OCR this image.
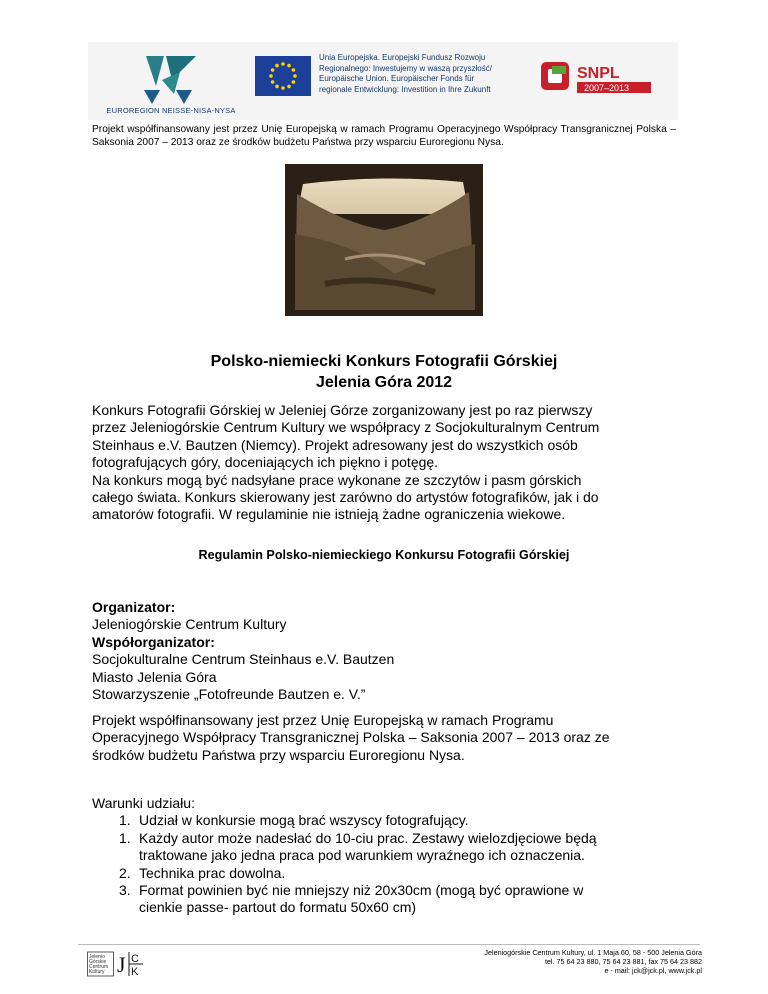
EUROREGION NEISSE-NISA-NYSA
Unia Europejska. Europejski Fundusz Rozwoju
Regionalnego: Inwestujemy w waszą przyszłość/
Europäische Union. Europäischer Fonds für
regionale Entwicklung: Investition in Ihre Zukunft
SNPL
2007–2013
Projekt współfinansowany jest przez Unię Europejską w ramach Programu Operacyjnego Współpracy Transgranicznej Polska – Saksonia 2007 – 2013 oraz ze środków budżetu Państwa przy wsparciu Euroregionu Nysa.
Polsko-niemiecki Konkurs Fotografii Górskiej
Jelenia Góra 2012
Konkurs Fotografii Górskiej w Jeleniej Górze zorganizowany jest po raz pierwszy
przez Jeleniogórskie Centrum Kultury we współpracy z Socjokulturalnym Centrum
Steinhaus e.V. Bautzen (Niemcy). Projekt adresowany jest do wszystkich osób
fotografujących góry, doceniających ich piękno i potęgę.
Na konkurs mogą być nadsyłane prace wykonane ze szczytów i pasm górskich
całego świata. Konkurs skierowany jest zarówno do artystów fotografików, jak i do
amatorów fotografii. W regulaminie nie istnieją żadne ograniczenia wiekowe.
Regulamin Polsko-niemieckiego Konkursu Fotografii Górskiej
Organizator:
Jeleniogórskie Centrum Kultury
Współorganizator:
Socjokulturalne Centrum Steinhaus e.V. Bautzen
Miasto Jelenia Góra
Stowarzyszenie „Fotofreunde Bautzen e. V.”
Projekt współfinansowany jest przez Unię Europejską w ramach Programu
Operacyjnego Współpracy Transgranicznej Polska – Saksonia 2007 – 2013 oraz ze
środków budżetu Państwa przy wsparciu Euroregionu Nysa.
Warunki udziału:
1. Udział w konkursie mogą brać wszyscy fotografujący.
1. Każdy autor może nadesłać do 10-ciu prac. Zestawy wielozdjęciowe będą
traktowane jako jedna praca pod warunkiem wyraźnego ich oznaczenia.
2. Technika prac dowolna.
3. Format powinien być nie mniejszy niż 20x30cm (mogą być oprawione w
cienkie passe- partout do formatu 50x60 cm)
Jelenio
Górskie
Centrum
Kultury J C
K
Jeleniogórskie Centrum Kultury, ul. 1 Maja 60, 58 - 500 Jelenia Góra
tel. 75 64 23 880, 75 64 23 881, fax 75 64 23 882
e - mail: jck@jck.pl, www.jck.pl
